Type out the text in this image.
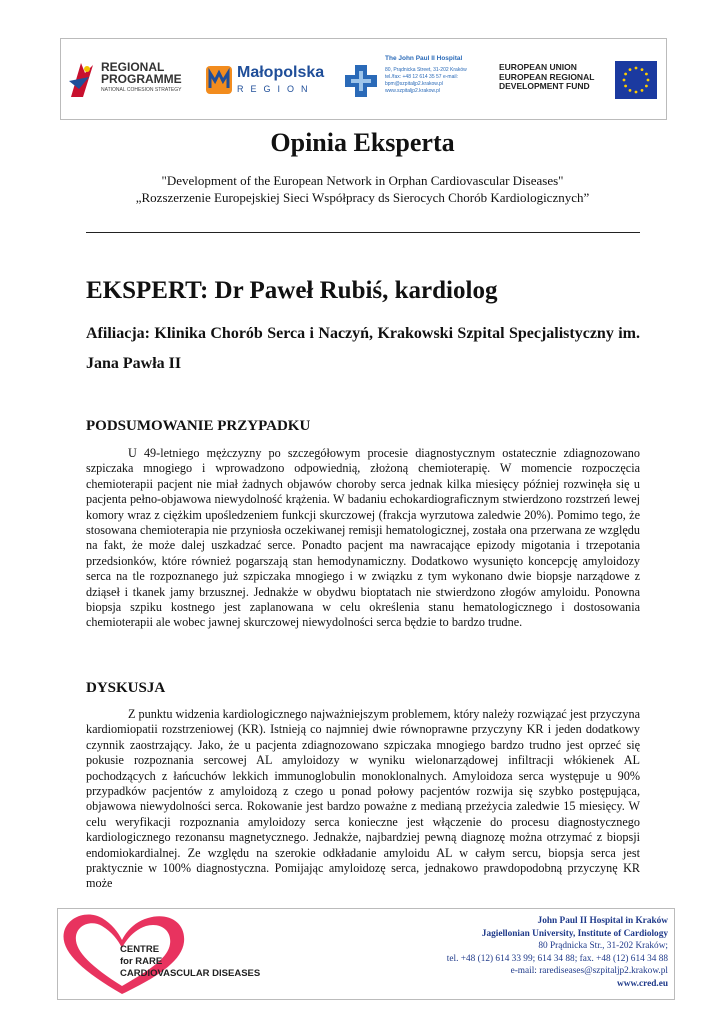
REGIONAL
PROGRAMME
NATIONAL COHESION STRATEGY
Małopolska
REGION
The John Paul II Hospital
80, Prądnicka Street, 31-202 Kraków
tel./fax: +48 12 614 35 57 e-mail:
bpm@szpitaljp2.krakow.pl
www.szpitaljp2.krakow.pl
EUROPEAN UNION
EUROPEAN REGIONAL
DEVELOPMENT FUND
Opinia Eksperta
"Development of the European Network in Orphan Cardiovascular Diseases"
„Rozszerzenie Europejskiej Sieci Współpracy ds Sierocych Chorób Kardiologicznych”
EKSPERT: Dr Paweł Rubiś, kardiolog
Afiliacja: Klinika Chorób Serca i Naczyń, Krakowski Szpital Specjalistyczny im. Jana Pawła II
PODSUMOWANIE PRZYPADKU

U 49-letniego mężczyzny po szczegółowym procesie diagnostycznym ostatecznie zdiagnozowano szpiczaka mnogiego i wprowadzono odpowiednią, złożoną chemioterapię. W momencie rozpoczęcia chemioterapii pacjent nie miał żadnych objawów choroby serca jednak kilka miesięcy później rozwinęła się u pacjenta pełno-objawowa niewydolność krążenia. W badaniu echokardiograficznym stwierdzono rozstrzeń lewej komory wraz z ciężkim upośledzeniem funkcji skurczowej (frakcja wyrzutowa zaledwie 20%). Pomimo tego, że stosowana chemioterapia nie przyniosła oczekiwanej remisji hematologicznej, została ona przerwana ze względu na fakt, że może dalej uszkadzać serce. Ponadto pacjent ma nawracające epizody migotania i trzepotania przedsionków, które również pogarszają stan hemodynamiczny. Dodatkowo wysunięto koncepcję amyloidozy serca na tle rozpoznanego już szpiczaka mnogiego i w związku z tym wykonano dwie biopsje narządowe z dziąseł i tkanek jamy brzusznej. Jednakże w obydwu bioptatach nie stwierdzono złogów amyloidu. Ponowna biopsja szpiku kostnego jest zaplanowana w celu określenia stanu hematologicznego i dostosowania chemioterapii ale wobec jawnej skurczowej niewydolności serca będzie to bardzo trudne.

DYSKUSJA

Z punktu widzenia kardiologicznego najważniejszym problemem, który należy rozwiązać jest przyczyna kardiomiopatii rozstrzeniowej (KR). Istnieją co najmniej dwie równoprawne przyczyny KR i jeden dodatkowy czynnik zaostrzający. Jako, że u pacjenta zdiagnozowano szpiczaka mnogiego bardzo trudno jest oprzeć się pokusie rozpoznania sercowej AL amyloidozy w wyniku wielonarządowej infiltracji włókienek AL pochodzących z łańcuchów lekkich immunoglobulin monoklonalnych. Amyloidoza serca występuje u 90% przypadków pacjentów z amyloidozą z czego u ponad połowy pacjentów rozwija się szybko postępująca, objawowa niewydolności serca. Rokowanie jest bardzo poważne z medianą przeżycia zaledwie 15 miesięcy. W celu weryfikacji rozpoznania amyloidozy serca konieczne jest włączenie do procesu diagnostycznego kardiologicznego rezonansu magnetycznego. Jednakże, najbardziej pewną diagnozę można otrzymać z biopsji endomiokardialnej. Ze względu na szerokie odkładanie amyloidu AL w całym sercu, biopsja serca jest praktycznie w 100% diagnostyczna. Pomijając amyloidozę serca, jednakowo prawdopodobną przyczynę KR może

CENTRE
for RARE
CARDIOVASCULAR DISEASES
John Paul II Hospital in Kraków
Jagiellonian University, Institute of Cardiology
80 Prądnicka Str., 31-202 Kraków;
tel. +48 (12) 614 33 99; 614 34 88; fax. +48 (12) 614 34 88
e-mail: rarediseases@szpitaljp2.krakow.pl
www.cred.eu
